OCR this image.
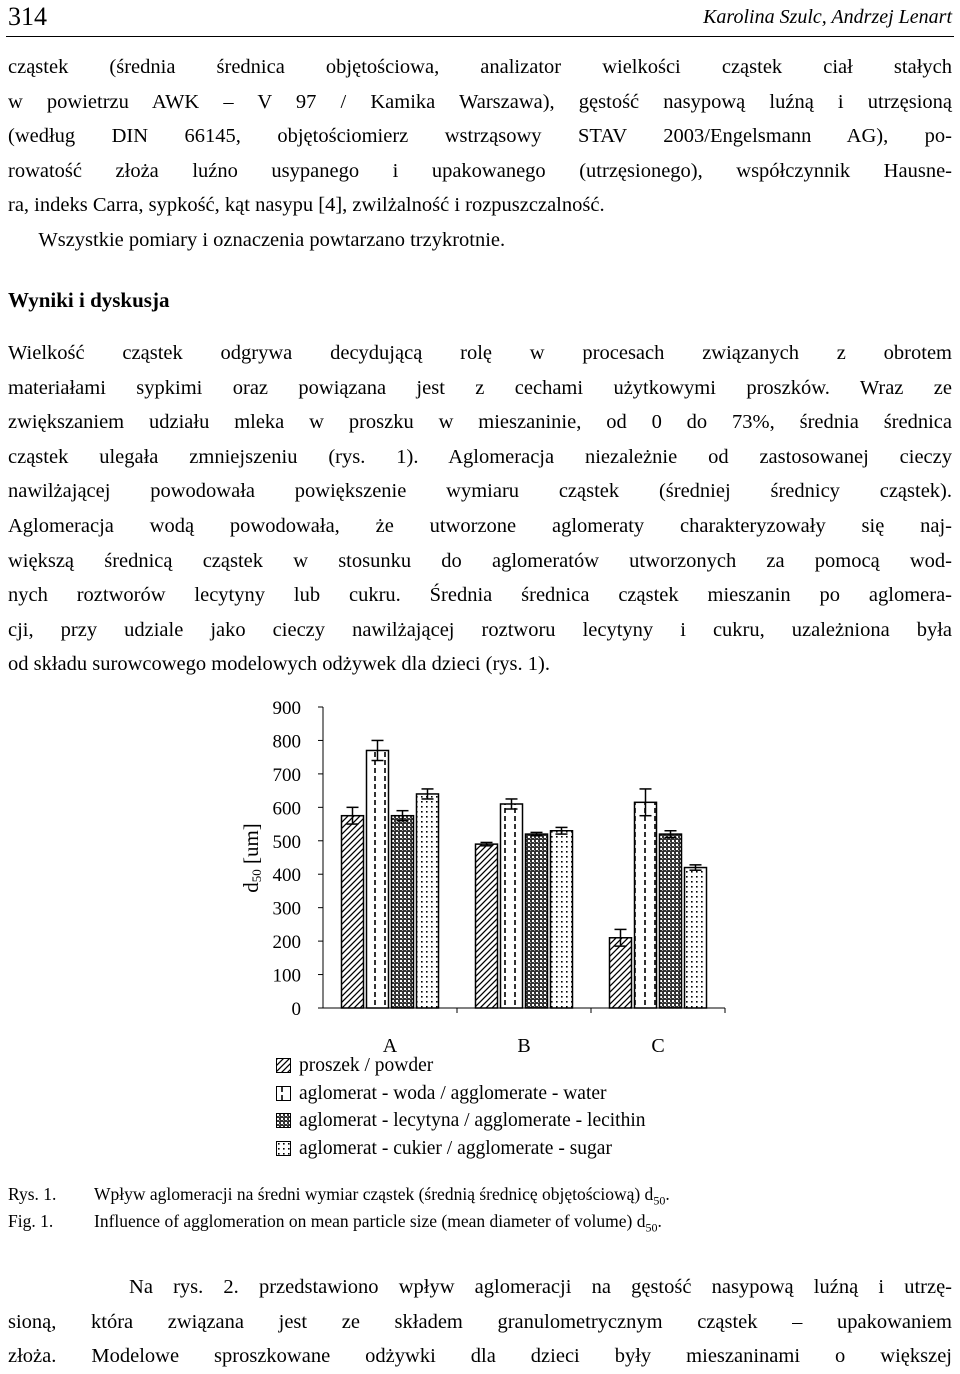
314	Karolina Szulc, Andrzej Lenart
cząstek (średnia średnica objętościowa, analizator wielkości cząstek ciał stałych
w powietrzu AWK – V 97 / Kamika Warszawa), gęstość nasypową luźną i utrzęsioną
(według DIN 66145, objętościomierz wstrząsowy STAV 2003/Engelsmann AG), po-
rowatość złoża luźno usypanego i upakowanego (utrzęsionego), współczynnik Hausne-
ra, indeks Carra, sypkość, kąt nasypu [4], zwilżalność i rozpuszczalność.
Wszystkie pomiary i oznaczenia powtarzano trzykrotnie.
Wyniki i dyskusja
Wielkość cząstek odgrywa decydującą rolę w procesach związanych z obrotem
materiałami sypkimi oraz powiązana jest z cechami użytkowymi proszków. Wraz ze
zwiększaniem udziału mleka w proszku w mieszaninie, od 0 do 73%, średnia średnica
cząstek ulegała zmniejszeniu (rys. 1). Aglomeracja niezależnie od zastosowanej cieczy
nawilżającej powodowała powiększenie wymiaru cząstek (średniej średnicy cząstek).
Aglomeracja wodą powodowała, że utworzone aglomeraty charakteryzowały się naj-
większą średnicą cząstek w stosunku do aglomeratów utworzonych za pomocą wod-
nych roztworów lecytyny lub cukru. Średnia średnica cząstek mieszanin po aglomera-
cji, przy udziale jako cieczy nawilżającej roztworu lecytyny i cukru, uzależniona była
od składu surowcowego modelowych odżywek dla dzieci (rys. 1).
0
100
200
300
400
500
600
700
800
900
A	B	C
d50 [um]
proszek / powder
aglomerat - woda / agglomerate - water
aglomerat - lecytyna / agglomerate - lecithin
aglomerat - cukier / agglomerate - sugar
Rys. 1. Wpływ aglomeracji na średni wymiar cząstek (średnią średnicę objętościową) $d_{50}$.
Fig. 1. Influence of agglomeration on mean particle size (mean diameter of volume) $d_{50}$.
Na rys. 2. przedstawiono wpływ aglomeracji na gęstość nasypową luźną i utrzę-
sioną, która związana jest ze składem granulometrycznym cząstek – upakowaniem
złoża. Modelowe sproszkowane odżywki dla dzieci były mieszaninami o większej
